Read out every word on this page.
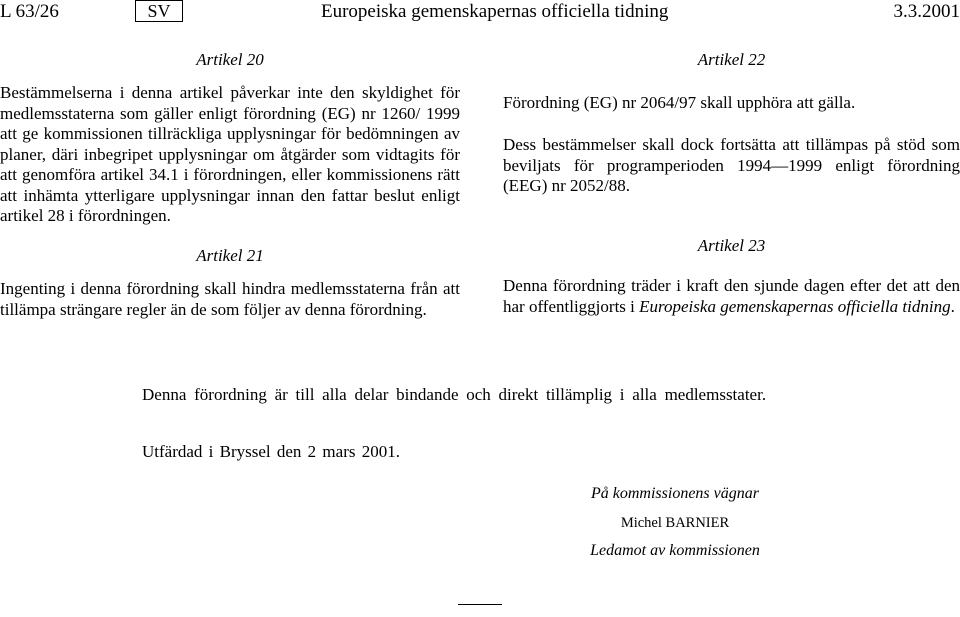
L 63/26	SV	Europeiska gemenskapernas officiella tidning	3.3.2001
Artikel 20

Bestämmelserna i denna artikel påverkar inte den skyldighet för medlemsstaterna som gäller enligt förordning (EG) nr 1260/ 1999 att ge kommissionen tillräckliga upplysningar för bedömningen av planer, däri inbegripet upplysningar om åtgärder som vidtagits för att genomföra artikel 34.1 i förordningen, eller kommissionens rätt att inhämta ytterligare upplysningar innan den fattar beslut enligt artikel 28 i förordningen.

Artikel 21

Ingenting i denna förordning skall hindra medlemsstaterna från att tillämpa strängare regler än de som följer av denna förordning.

Artikel 22

Förordning (EG) nr 2064/97 skall upphöra att gälla.

Dess bestämmelser skall dock fortsätta att tillämpas på stöd som beviljats för programperioden 1994—1999 enligt förordning (EEG) nr 2052/88.

Artikel 23

Denna förordning träder i kraft den sjunde dagen efter det att den har offentliggjorts i Europeiska gemenskapernas officiella tidning.

Denna förordning är till alla delar bindande och direkt tillämplig i alla medlemsstater.
Utfärdad i Bryssel den 2 mars 2001.
På kommissionens vägnar
Michel BARNIER
Ledamot av kommissionen
